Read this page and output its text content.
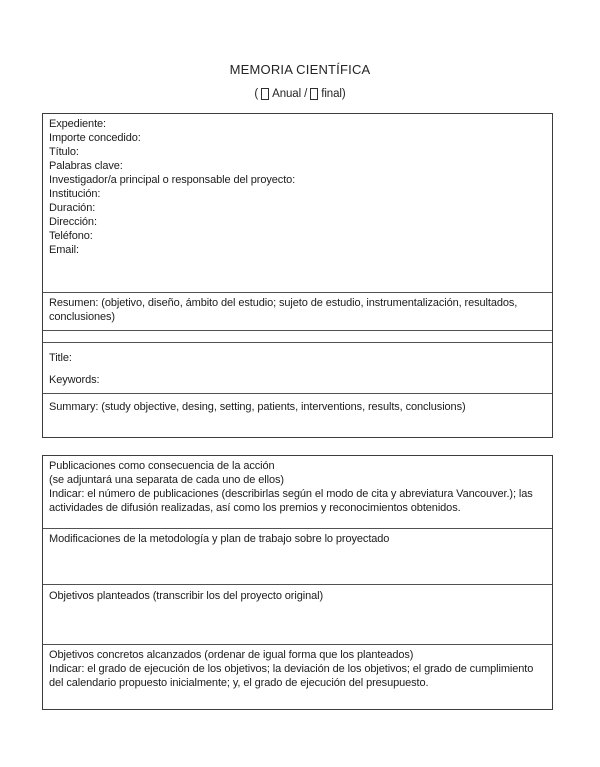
MEMORIA CIENTÍFICA
( Anual / final)

Expediente:

Importe concedido:

Título:

Palabras clave:

Investigador/a principal o responsable del proyecto:

Institución:

Duración:

Dirección:

Teléfono:

Email:

Resumen: (objetivo, diseño, ámbito del estudio; sujeto de estudio, instrumentalización, resultados, conclusiones)

Title:

Keywords:

Summary: (study objective, desing, setting, patients, interventions, results, conclusions)

Publicaciones como consecuencia de la acción

(se adjuntará una separata de cada uno de ellos)

Indicar: el número de publicaciones (describirlas según el modo de cita y abreviatura Vancouver.); las actividades de difusión realizadas, así como los premios y reconocimientos obtenidos.

Modificaciones de la metodología y plan de trabajo sobre lo proyectado

Objetivos planteados (transcribir los del proyecto original)

Objetivos concretos alcanzados (ordenar de igual forma que los planteados)

Indicar: el grado de ejecución de los objetivos; la deviación de los objetivos; el grado de cumplimiento del calendario propuesto inicialmente; y, el grado de ejecución del presupuesto.
